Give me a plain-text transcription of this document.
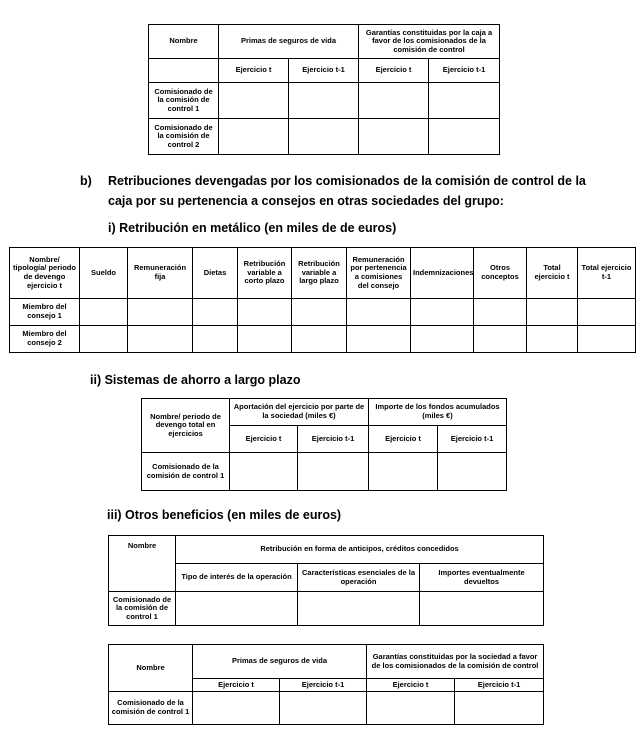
Nombre	Primas de seguros de vida		Garantías constituidas por la caja a favor de los comisionados de la comisión de control	
	Ejercicio t	Ejercicio t-1	Ejercicio t	Ejercicio t-1
Comisionado de la comisión de control 1				
Comisionado de la comisión de control 2				
b) Retribuciones devengadas por los comisionados de la comisión de control de la
caja por su pertenencia a consejos en otras sociedades del grupo:
i) Retribución en metálico (en miles de de euros)
Nombre/ tipología/ periodo de devengo ejercicio t	Sueldo	Remuneración fija	Dietas	Retribución variable a corto plazo	Retribución variable a largo plazo	Remuneración por pertenencia a comisiones del consejo	Indemnizaciones	Otros conceptos	Total ejercicio t	Total ejercicio t-1
Miembro del consejo 1										
Miembro del consejo 2										
ii) Sistemas de ahorro a largo plazo
Nombre/ periodo de devengo total en ejercicios	Aportación del ejercicio por parte de la sociedad (miles €)		Importe de los fondos acumulados (miles €)	
	Ejercicio t	Ejercicio t-1	Ejercicio t	Ejercicio t-1
Comisionado de la comisión de control 1				
iii) Otros beneficios (en miles de euros)
Nombre	Retribución en forma de anticipos, créditos concedidos		
	Tipo de interés de la operación	Características esenciales de la operación	Importes eventualmente devueltos
Comisionado de la comisión de control 1			
Nombre	Primas de seguros de vida		Garantías constituidas por la sociedad a favor de los comisionados de la comisión de control	
	Ejercicio t	Ejercicio t-1	Ejercicio t	Ejercicio t-1
Comisionado de la comisión de control 1				
